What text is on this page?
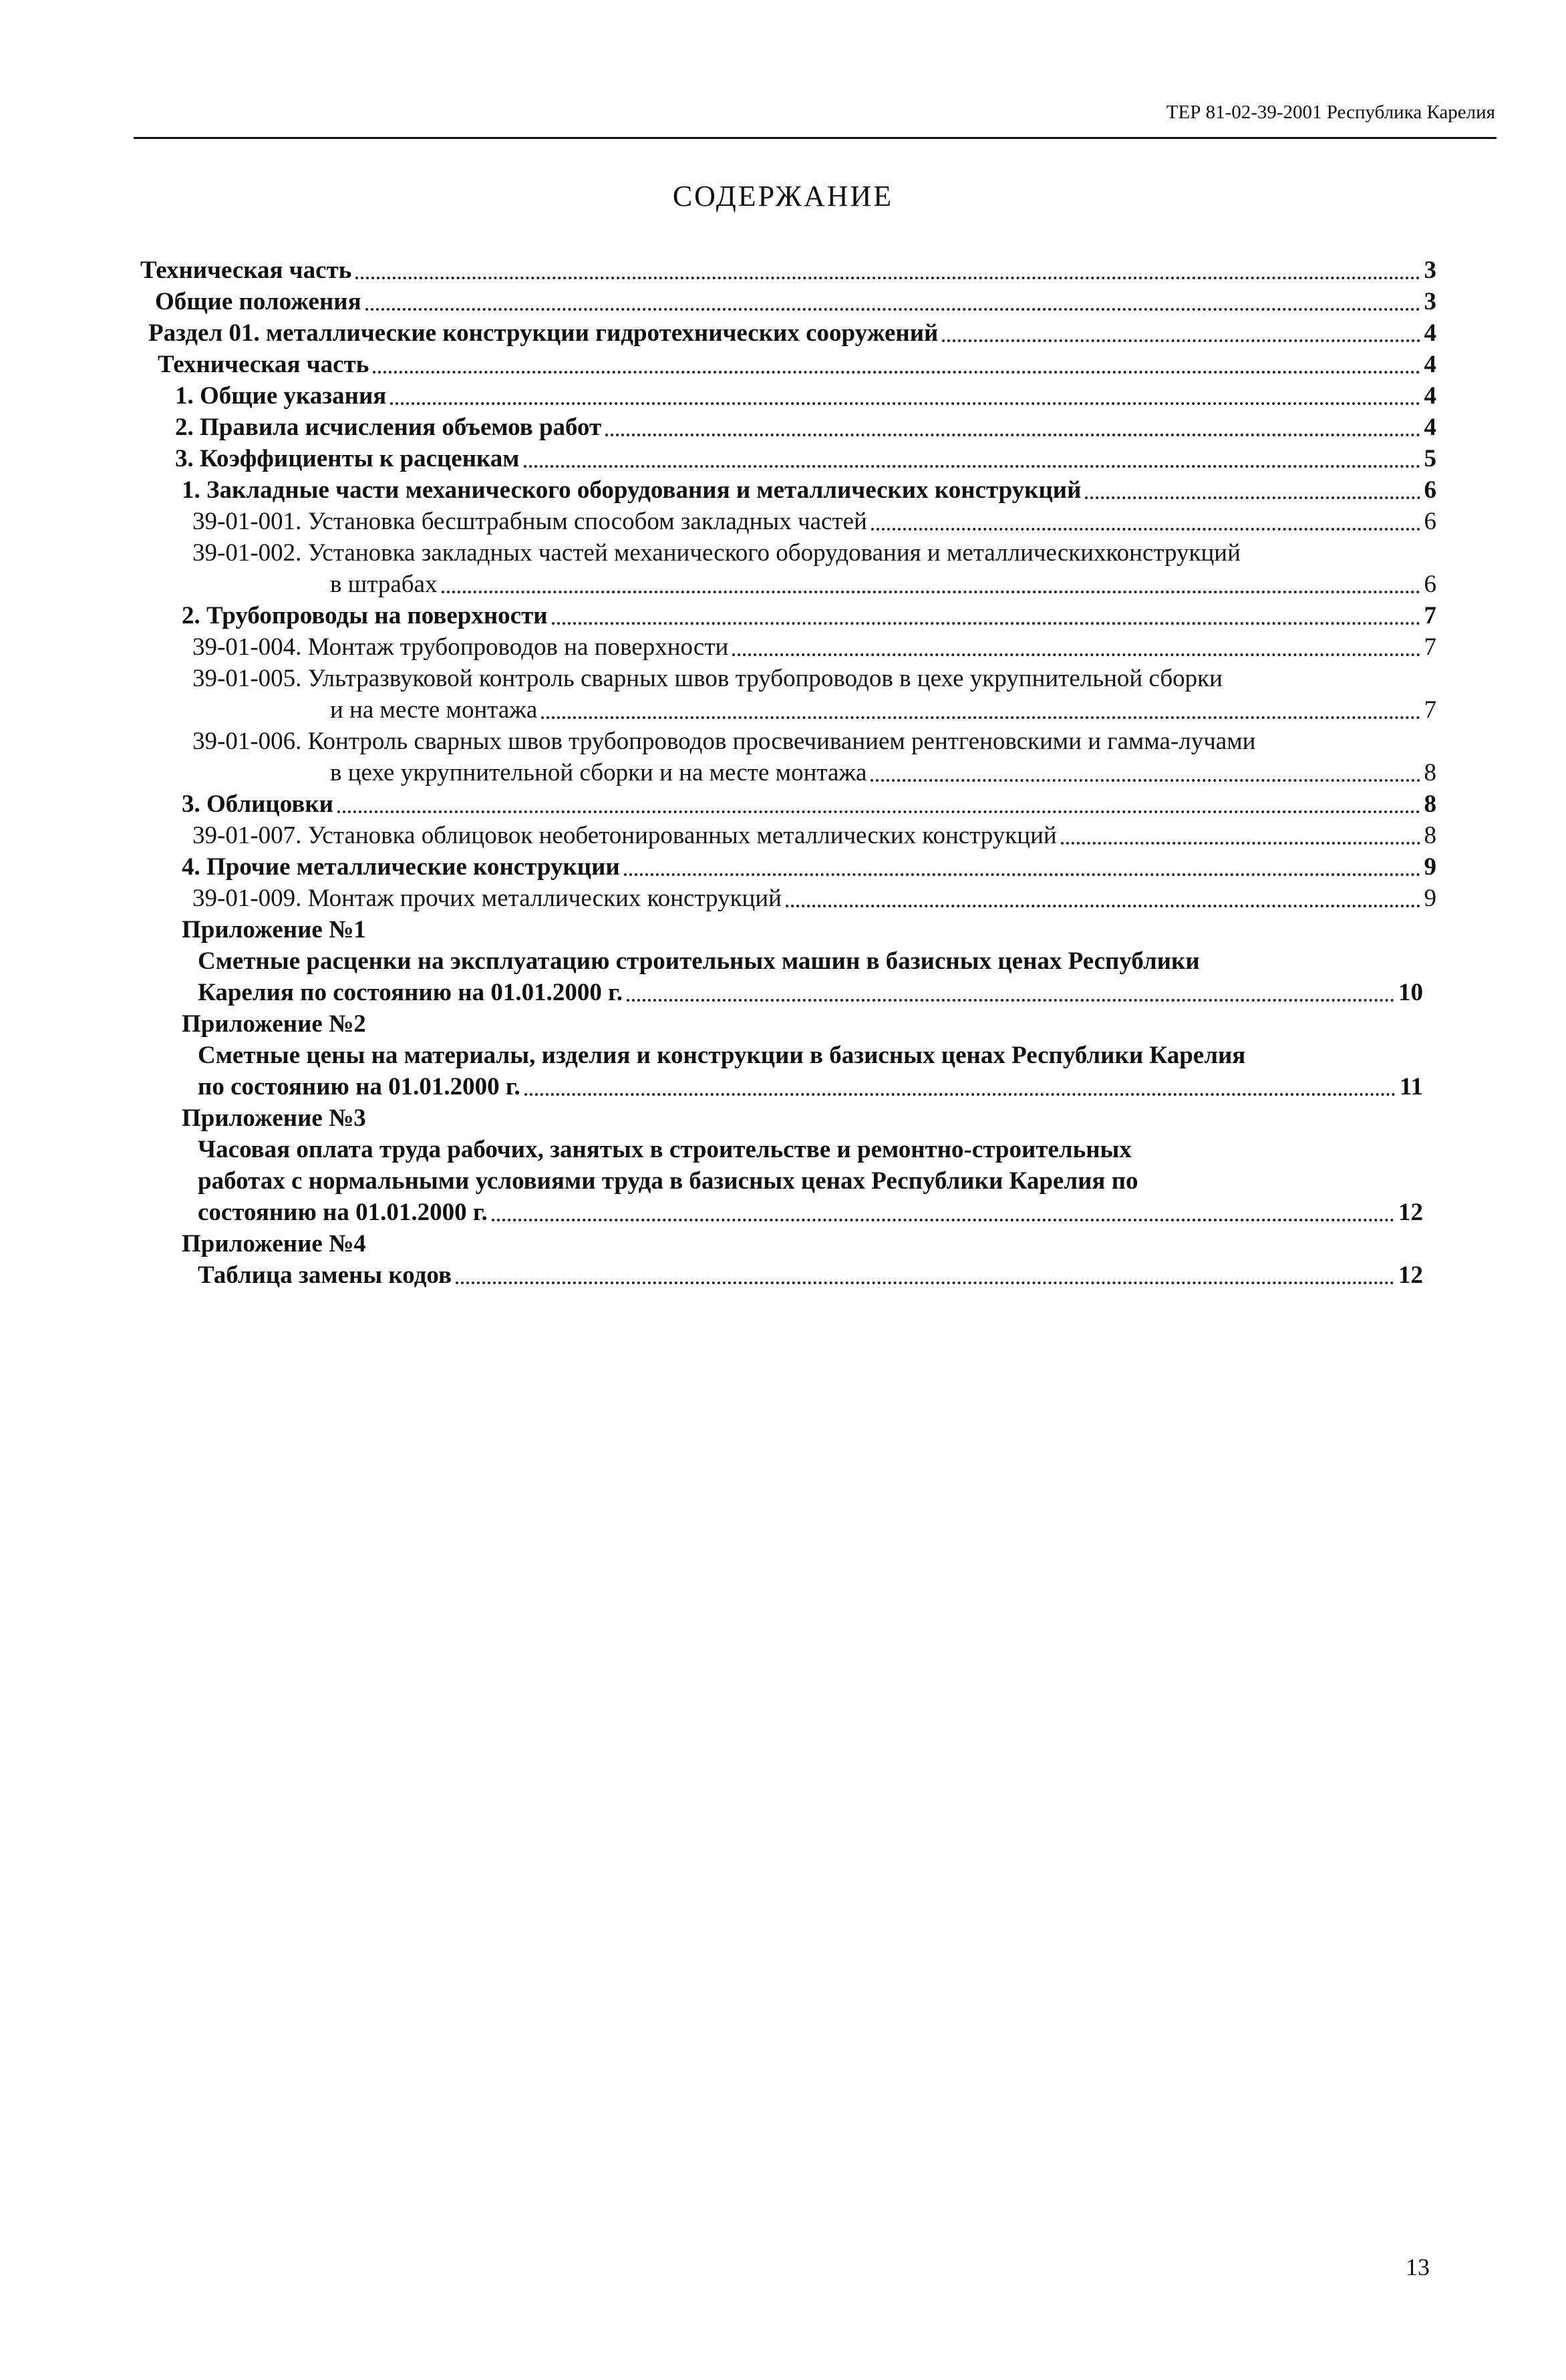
ТЕР 81-02-39-2001 Республика Карелия
СОДЕРЖАНИЕ
Техническая часть	3
Общие положения	3
Раздел 01. металлические конструкции гидротехнических сооружений	4
Техническая часть	4
1. Общие указания	4
2. Правила исчисления объемов работ	4
3. Коэффициенты к расценкам	5
1. Закладные части механического оборудования и металлических конструкций	6
39-01-001. Установка бесштрабным способом закладных частей	6
39-01-002. Установка закладных частей механического оборудования и металлическихконструкций
в штрабах	6
2. Трубопроводы на поверхности	7
39-01-004. Монтаж трубопроводов на поверхности	7
39-01-005. Ультразвуковой контроль сварных швов трубопроводов в цехе укрупнительной сборки
и на месте монтажа	7
39-01-006. Контроль сварных швов трубопроводов просвечиванием рентгеновскими и гамма-лучами
в цехе укрупнительной сборки и на месте монтажа	8
3. Облицовки	8
39-01-007. Установка облицовок необетонированных металлических конструкций	8
4. Прочие металлические конструкции	9
39-01-009. Монтаж прочих металлических конструкций	9
Приложение №1
Сметные расценки на эксплуатацию строительных машин в базисных ценах Республики
Карелия по состоянию на 01.01.2000 г.	10
Приложение №2
Сметные цены на материалы, изделия и конструкции в базисных ценах Республики Карелия
по состоянию на 01.01.2000 г.	11
Приложение №3
Часовая оплата труда рабочих, занятых в строительстве и ремонтно-строительных
работах с нормальными условиями труда в базисных ценах Республики Карелия по
состоянию на 01.01.2000 г.	12
Приложение №4
Таблица замены кодов	12
13
